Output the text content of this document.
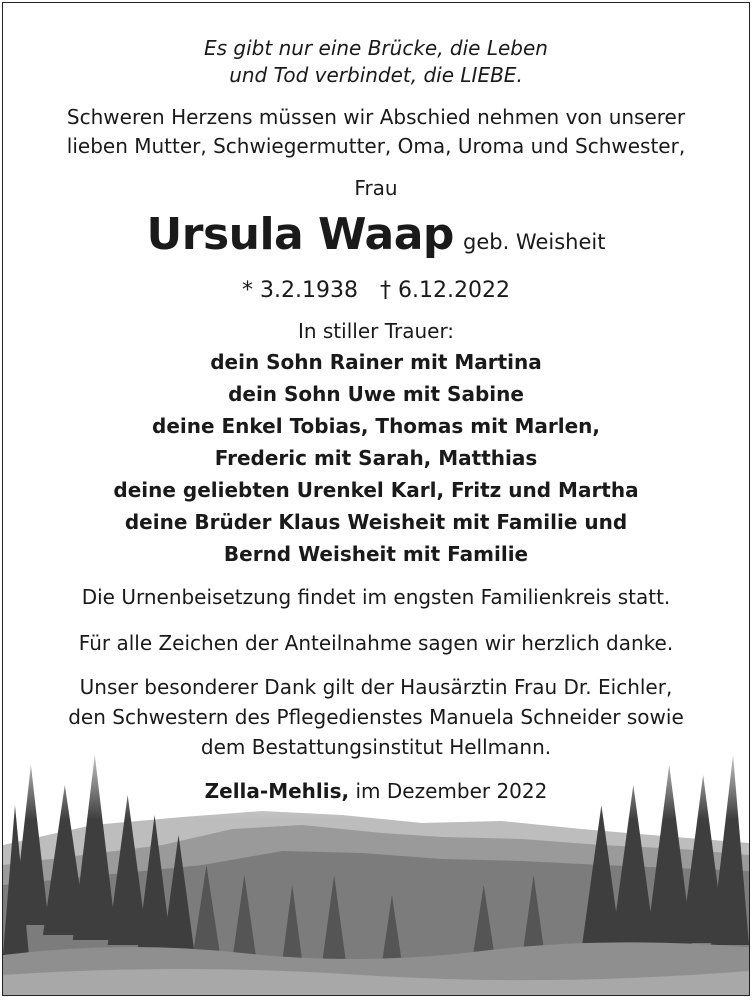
Es gibt nur eine Brücke, die Leben
und Tod verbindet, die LIEBE.
Schweren Herzens müssen wir Abschied nehmen von unserer
lieben Mutter, Schwiegermutter, Oma, Uroma und Schwester,
Frau
Ursula Waap geb. Weisheit
* 3.2.1938 † 6.12.2022
In stiller Trauer:
dein Sohn Rainer mit Martina
dein Sohn Uwe mit Sabine
deine Enkel Tobias, Thomas mit Marlen,
Frederic mit Sarah, Matthias
deine geliebten Urenkel Karl, Fritz und Martha
deine Brüder Klaus Weisheit mit Familie und
Bernd Weisheit mit Familie
Die Urnenbeisetzung findet im engsten Familienkreis statt.
Für alle Zeichen der Anteilnahme sagen wir herzlich danke.
Unser besonderer Dank gilt der Hausärztin Frau Dr. Eichler,
den Schwestern des Pflegedienstes Manuela Schneider sowie
dem Bestattungsinstitut Hellmann.
Zella-Mehlis, im Dezember 2022
